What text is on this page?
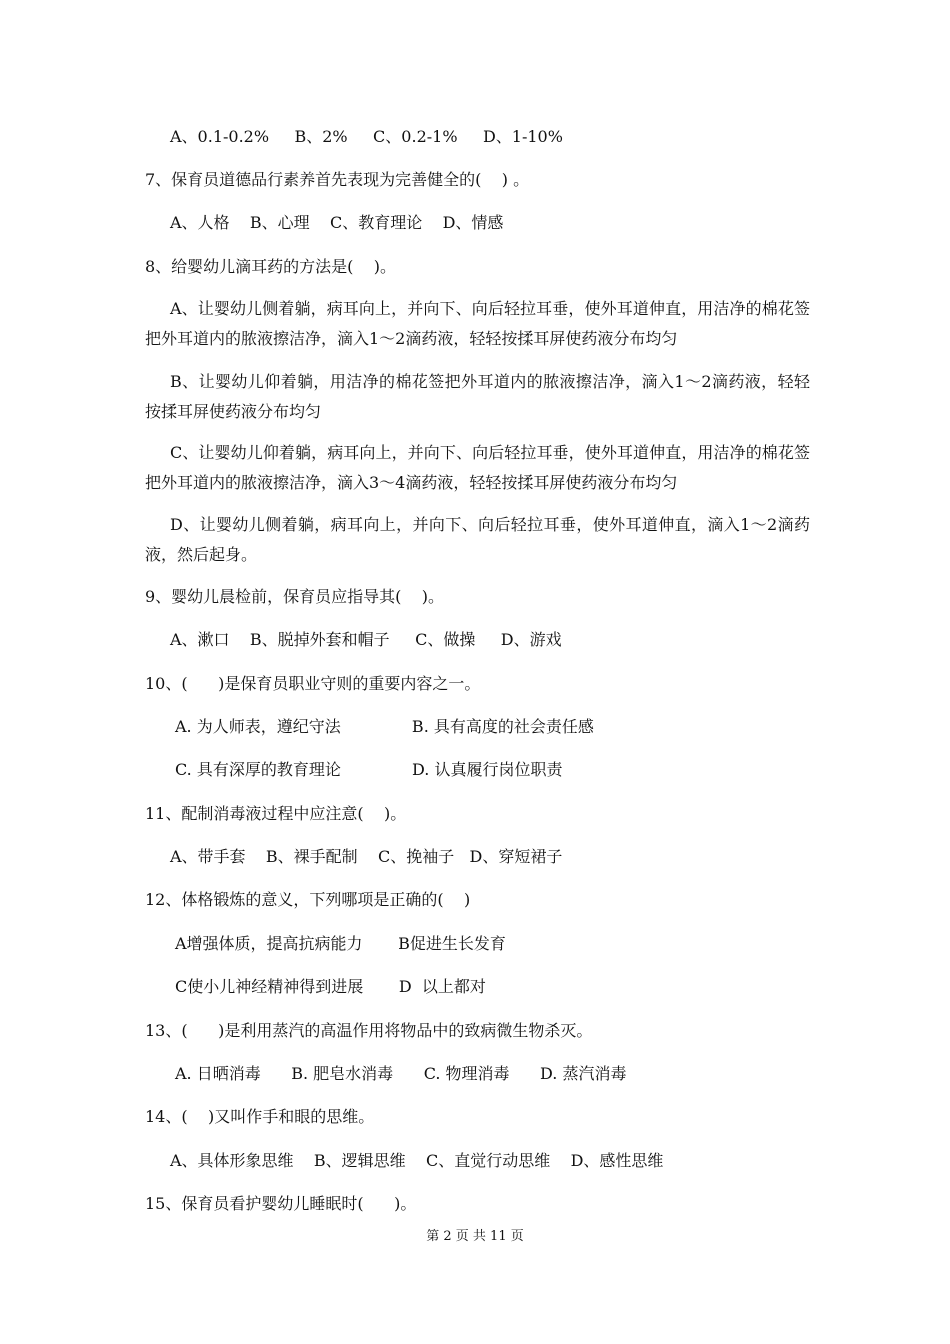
A、0.1-0.2%     B、2%     C、0.2-1%     D、1-10%
7、保育员道德品行素养首先表现为完善健全的(    ) 。
A、人格    B、心理    C、教育理论    D、情感
8、给婴幼儿滴耳药的方法是(    )。
A、让婴幼儿侧着躺，病耳向上，并向下、向后轻拉耳垂，使外耳道伸直，用洁净的棉花签把外耳道内的脓液擦洁净，滴入1～2滴药液，轻轻按揉耳屏使药液分布均匀
B、让婴幼儿仰着躺，用洁净的棉花签把外耳道内的脓液擦洁净，滴入1～2滴药液，轻轻按揉耳屏使药液分布均匀
C、让婴幼儿仰着躺，病耳向上，并向下、向后轻拉耳垂，使外耳道伸直，用洁净的棉花签把外耳道内的脓液擦洁净，滴入3～4滴药液，轻轻按揉耳屏使药液分布均匀
D、让婴幼儿侧着躺，病耳向上，并向下、向后轻拉耳垂，使外耳道伸直，滴入1～2滴药液，然后起身。
9、婴幼儿晨检前，保育员应指导其(    )。
A、漱口    B、脱掉外套和帽子     C、做操     D、游戏
10、(      )是保育员职业守则的重要内容之一。
A. 为人师表，遵纪守法              B. 具有高度的社会责任感
C. 具有深厚的教育理论              D. 认真履行岗位职责
11、配制消毒液过程中应注意(    )。
A、带手套    B、裸手配制    C、挽袖子   D、穿短裙子
12、体格锻炼的意义，下列哪项是正确的(    )
A增强体质，提高抗病能力       B促进生长发育
C使小儿神经精神得到进展       D  以上都对
13、(      )是利用蒸汽的高温作用将物品中的致病微生物杀灭。
A. 日晒消毒      B. 肥皂水消毒      C. 物理消毒      D. 蒸汽消毒
14、(    )又叫作手和眼的思维。
A、具体形象思维    B、逻辑思维    C、直觉行动思维    D、感性思维
15、保育员看护婴幼儿睡眠时(      )。
第 2 页 共 11 页
